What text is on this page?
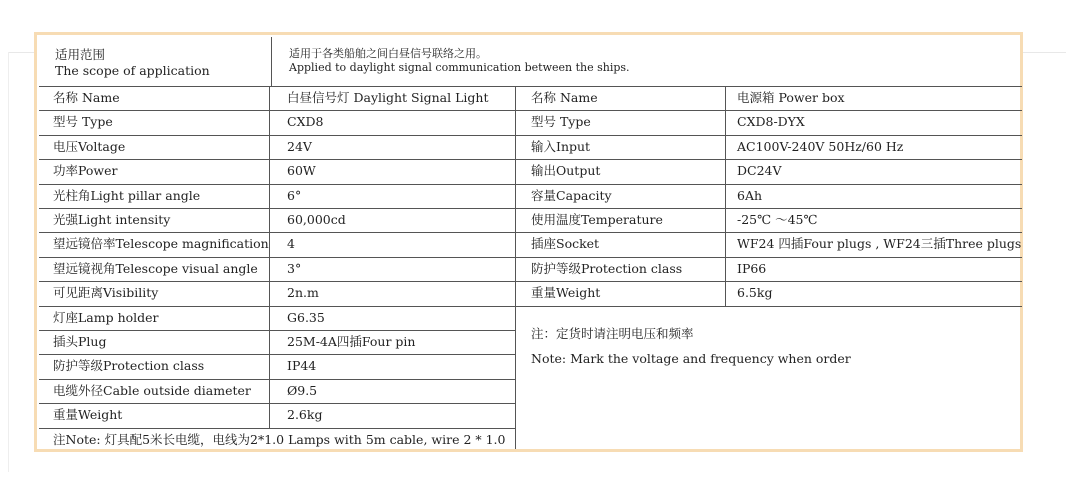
适用范围
The scope of application
适用于各类船舶之间白昼信号联络之用。
Applied to daylight signal communication between the ships.
名称 Name	白昼信号灯 Daylight Signal Light
型号 Type	CXD8
电压Voltage	24V
功率Power	60W
光柱角Light pillar angle	6°
光强Light intensity	60,000cd
望远镜倍率Telescope magnification 4
望远镜视角Telescope visual angle 3°
可见距离Visibility	2n.m
灯座Lamp holder	G6.35
插头Plug	25M-4A四插Four pin
防护等级Protection class	IP44
电缆外径Cable outside diameter	Ø9.5
重量Weight	2.6kg
注Note: 灯具配5米长电缆，电线为2*1.0 Lamps with 5m cable, wire 2 * 1.0
名称 Name	电源箱 Power box
型号 Type	CXD8-DYX
输入Input	AC100V-240V 50Hz/60 Hz
输出Output	DC24V
容量Capacity	6Ah
使用温度Temperature	-25℃ ～45℃
插座Socket	WF24 四插Four plugs , WF24三插Three plugs
防护等级Protection class	IP66
重量Weight	6.5kg
注：定货时请注明电压和频率
Note: Mark the voltage and frequency when order
